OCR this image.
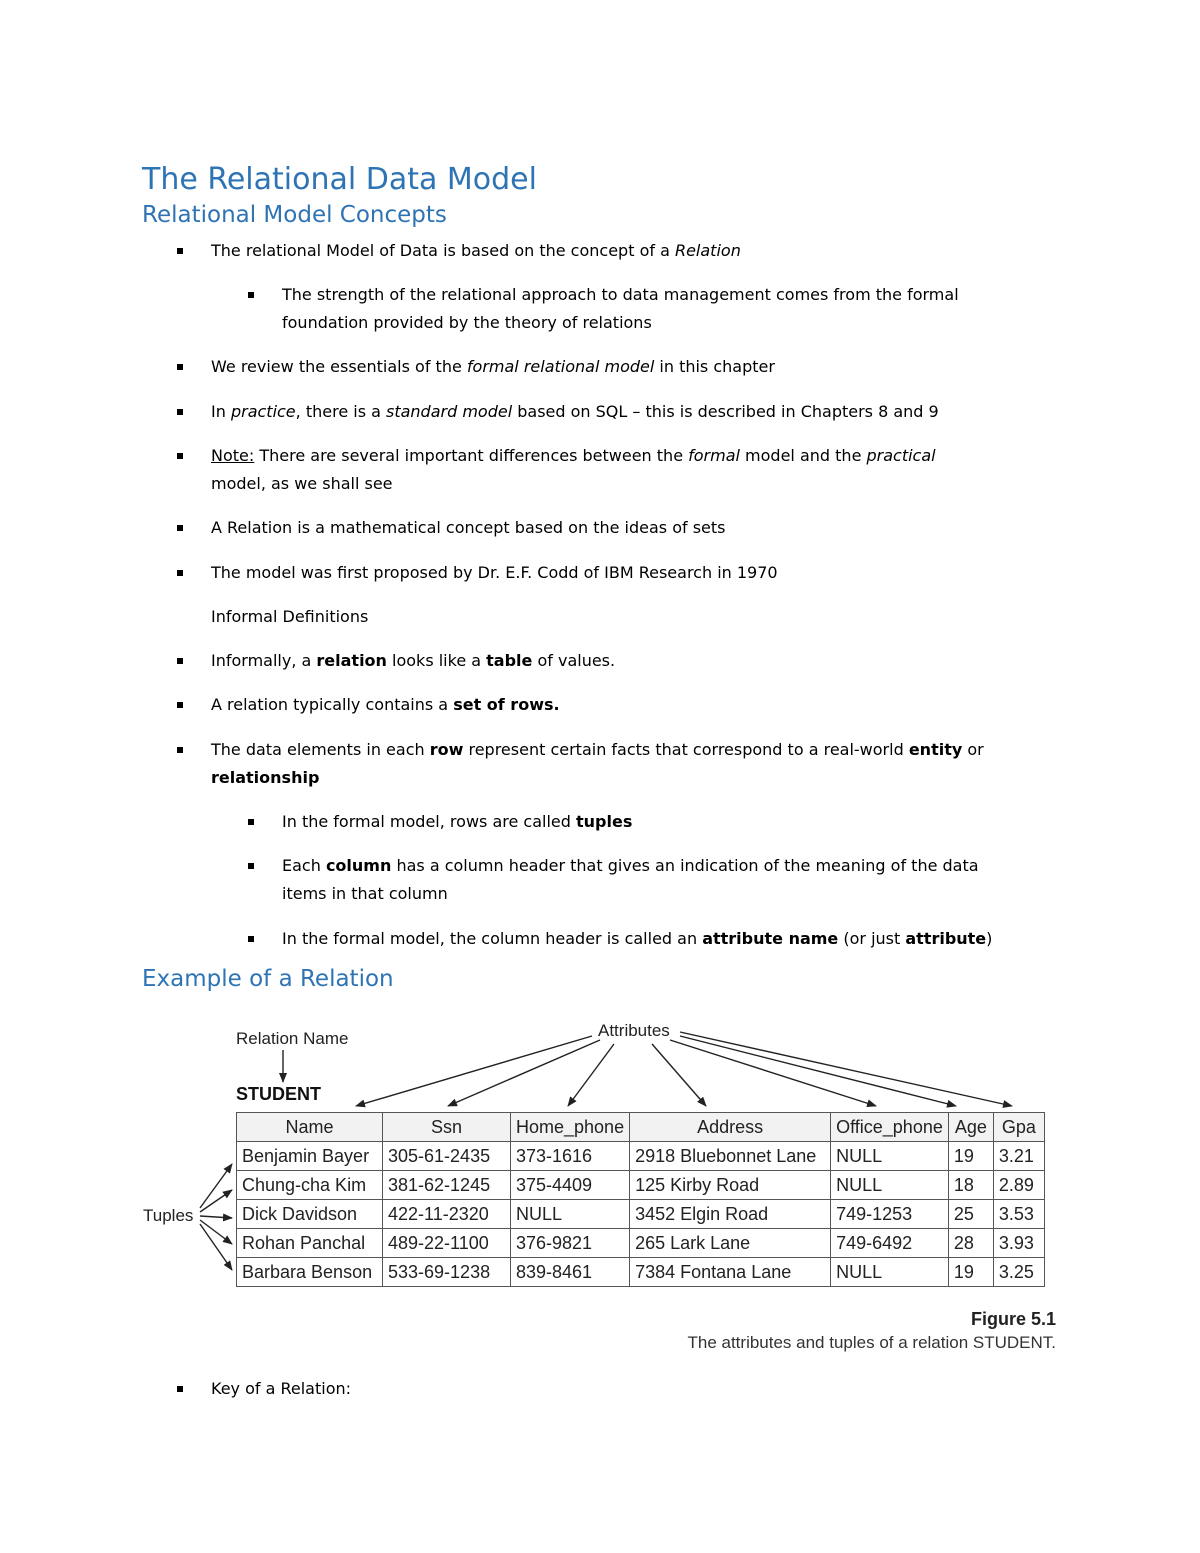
The Relational Data Model
Relational Model Concepts
The relational Model of Data is based on the concept of a Relation
The strength of the relational approach to data management comes from the formal
foundation provided by the theory of relations
We review the essentials of the formal relational model in this chapter
In practice, there is a standard model based on SQL – this is described in Chapters 8 and 9
Note: There are several important differences between the formal model and the practical
model, as we shall see
A Relation is a mathematical concept based on the ideas of sets
The model was first proposed by Dr. E.F. Codd of IBM Research in 1970
Informal Definitions
Informally, a relation looks like a table of values.
A relation typically contains a set of rows.
The data elements in each row represent certain facts that correspond to a real-world entity or
relationship
In the formal model, rows are called tuples
Each column has a column header that gives an indication of the meaning of the data
items in that column
In the formal model, the column header is called an attribute name (or just attribute)
Example of a Relation
Relation Name	Attributes
Tuples
STUDENT
Name	Ssn	Home_phone	Address	Office_phone	Age	Gpa
Benjamin Bayer	305-61-2435	373-1616	2918 Bluebonnet Lane	NULL	19	3.21
Chung-cha Kim	381-62-1245	375-4409	125 Kirby Road	NULL	18	2.89
Dick Davidson	422-11-2320	NULL	3452 Elgin Road	749-1253	25	3.53
Rohan Panchal	489-22-1100	376-9821	265 Lark Lane	749-6492	28	3.93
Barbara Benson	533-69-1238	839-8461	7384 Fontana Lane	NULL	19	3.25
Figure 5.1
The attributes and tuples of a relation STUDENT.
Key of a Relation:
